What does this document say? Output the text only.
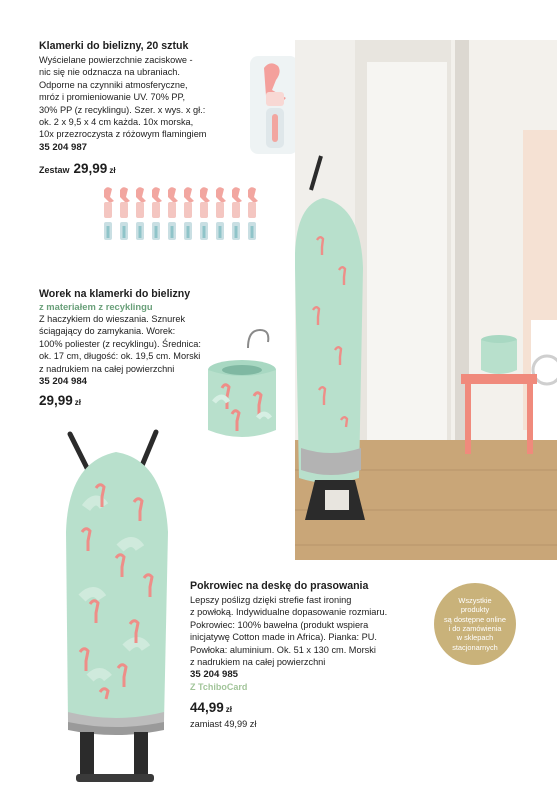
Klamerki do bielizny, 20 sztuk
Wyścielane powierzchnie zaciskowe -
nic się nie odznacza na ubraniach.
Odporne na czynniki atmosferyczne,
mróz i promieniowanie UV. 70% PP,
30% PP (z recyklingu). Szer. x wys. x gł.:
ok. 2 x 9,5 x 4 cm każda. 10x morska,
10x przezroczysta z różowym flamingiem
35 204 987
Zestaw 29,99 zł
Worek na klamerki do bielizny
z materiałem z recyklingu
Z haczykiem do wieszania. Sznurek
ściągający do zamykania. Worek:
100% poliester (z recyklingu). Średnica:
ok. 17 cm, długość: ok. 19,5 cm. Morski
z nadrukiem na całej powierzchni
35 204 984
29,99 zł
Pokrowiec na deskę do prasowania
Lepszy poślizg dzięki strefie fast ironing
z powłoką. Indywidualne dopasowanie rozmiaru.
Pokrowiec: 100% bawełna (produkt wspiera
inicjatywę Cotton made in Africa). Pianka: PU.
Powłoka: aluminium. Ok. 51 x 130 cm. Morski
z nadrukiem na całej powierzchni
35 204 985
Z TchiboCard
44,99 zł
zamiast 49,99 zł
Wszystkie
produkty
są dostępne online
i do zamówienia
w sklepach
stacjonarnych
